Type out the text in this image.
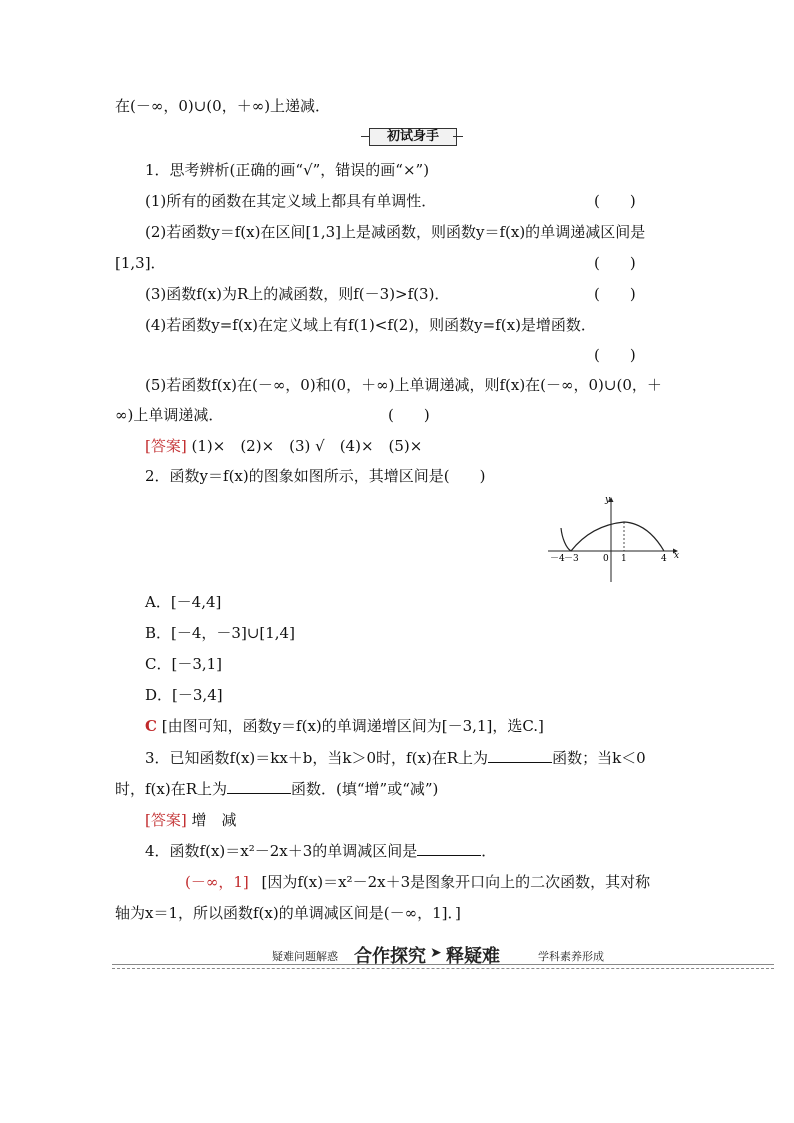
在(－∞，0)∪(0，＋∞)上递减．
初试身手
1．思考辨析(正确的画“√”，错误的画“×”)
(1)所有的函数在其定义域上都具有单调性．	(　　)
(2)若函数y＝f(x)在区间[1,3]上是减函数，则函数y＝f(x)的单调递减区间是
[1,3]．	(　　)
(3)函数f(x)为R上的减函数，则f(－3)>f(3)．	(　　)
(4)若函数y=f(x)在定义域上有f(1)<f(2)，则函数y=f(x)是增函数．
(　　)
(5)若函数f(x)在(－∞，0)和(0，＋∞)上单调递减，则f(x)在(－∞，0)∪(0，＋
∞)上单调递减．	(　　)
[答案] (1)×　(2)×　(3) √　(4)×　(5)×
2．函数y＝f(x)的图象如图所示，其增区间是(　　)
－4 －3	0 1	4 x
y
A．[－4,4]
B．[－4，－3]∪[1,4]
C．[－3,1]
D．[－3,4]
C [由图可知，函数y＝f(x)的单调递增区间为[－3,1]，选C.]
3．已知函数f(x)＝kx＋b，当k＞0时，f(x)在R上为	函数；当k＜0
时，f(x)在R上为	函数．(填“增”或“减”)
[答案] 增　减
4．函数f(x)＝x²－2x＋3的单调减区间是	．
(－∞，1] [因为f(x)＝x²－2x＋3是图象开口向上的二次函数，其对称
轴为x＝1，所以函数f(x)的单调减区间是(－∞，1]．]
疑难问题解惑 合作探究 ➤ 释疑难	学科素养形成
